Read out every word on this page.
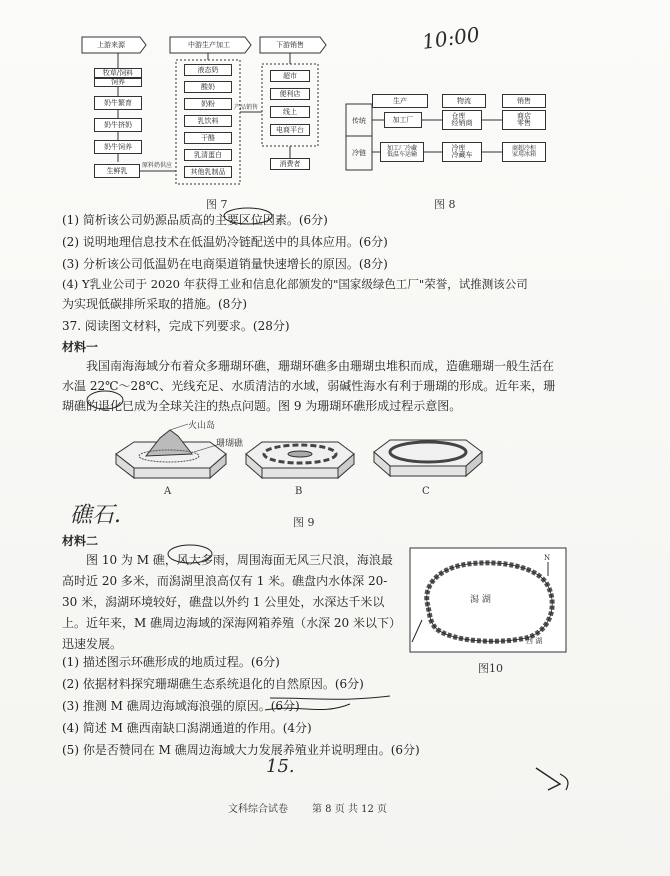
上游来源	中游生产加工	下游销售
牧草/饲料
饲养
奶牛繁育
奶牛挤奶
奶牛饲养
生鲜乳
原料奶供应
液态奶
酸奶
奶粉
乳饮料
干酪
乳清蛋白
其他乳制品
产品销售
超市
便利店
线上
电商平台
消费者
图 7
10:00
生产	物流	销售
传统
冷链
加工厂	仓库
经销商
商店
零售
加工厂冷藏
低温车运输
冷库
冷藏车
商超冷柜
家用冰箱
图 8
(1) 简析该公司奶源品质高的主要区位因素。(6分)
(2) 说明地理信息技术在低温奶冷链配送中的具体应用。(6分)
(3) 分析该公司低温奶在电商渠道销量快速增长的原因。(8分)
(4) Y乳业公司于 2020 年获得工业和信息化部颁发的"国家级绿色工厂"荣誉，试推测该公司
为实现低碳排所采取的措施。(8分)
37. 阅读图文材料，完成下列要求。(28分)
材料一
我国南海海域分布着众多珊瑚环礁，珊瑚环礁多由珊瑚虫堆积而成，造礁珊瑚一般生活在水温 22℃～28℃、光线充足、水质清洁的水域，弱碱性海水有利于珊瑚的形成。近年来，珊瑚礁的退化已成为全球关注的热点问题。图 9 为珊瑚环礁形成过程示意图。
火山岛
珊瑚礁
A	B	C
礁石.	图 9
材料二
图 10 为 M 礁，风大多雨，周围海面无风三尺浪，海浪最高时近 20 多米，而潟湖里浪高仅有 1 米。礁盘内水体深 20-30 米，潟湖环境较好，礁盘以外约 1 公里处，水深达千米以上。近年来，M 礁周边海域的深海网箱养殖（水深 20 米以下）迅速发展。
N
潟 湖
西 湖
图10
(1) 描述图示环礁形成的地质过程。(6分)
(2) 依据材料探究珊瑚礁生态系统退化的自然原因。(6分)
(3) 推测 M 礁周边海域海浪强的原因。(6分)
(4) 简述 M 礁西南缺口潟湖通道的作用。(4分)
(5) 你是否赞同在 M 礁周边海域大力发展养殖业并说明理由。(6分)
15.
文科综合试卷 第 8 页 共 12 页
